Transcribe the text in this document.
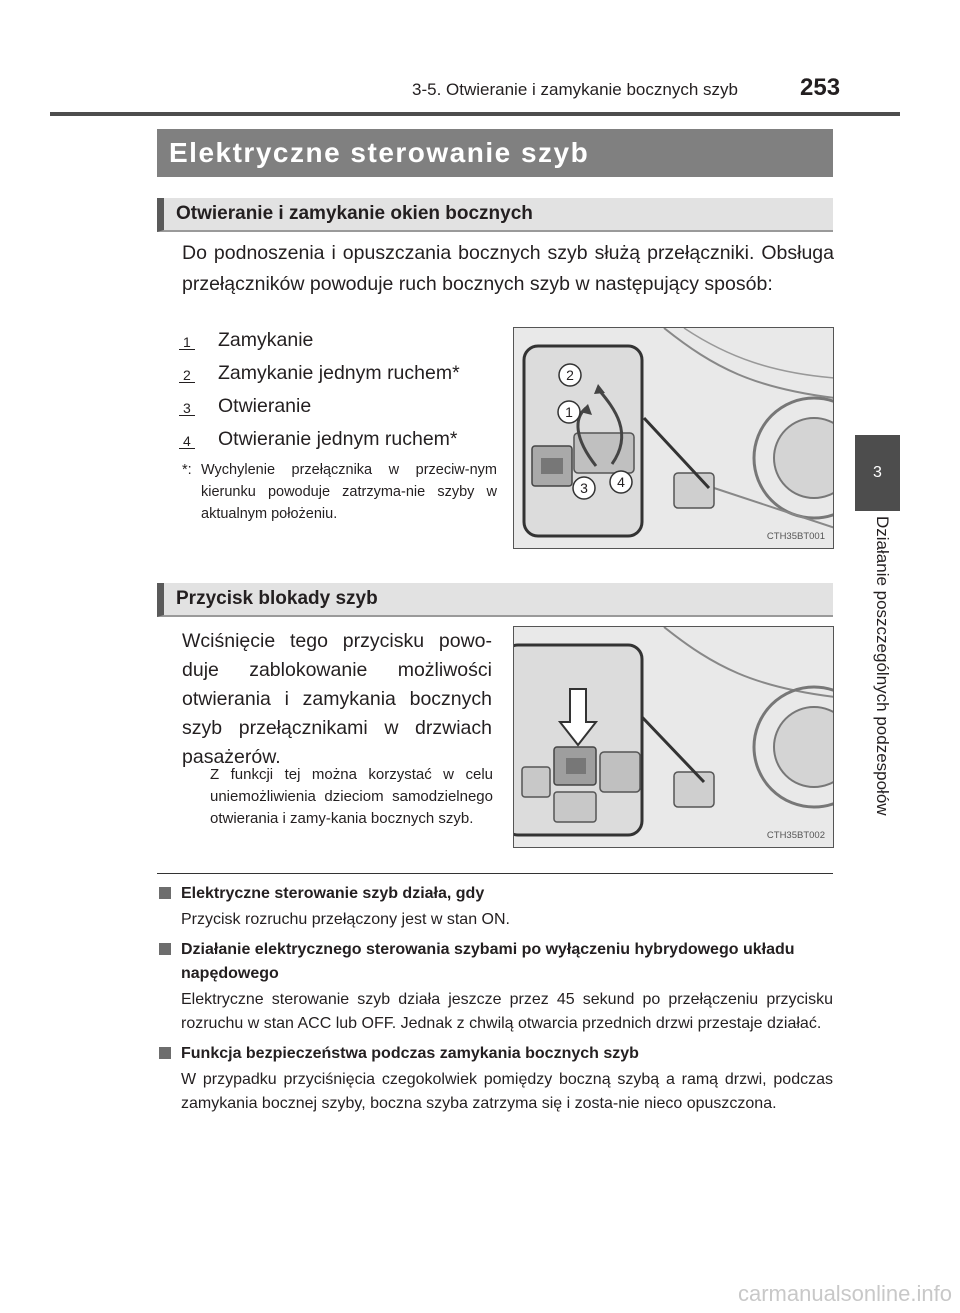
3-5. Otwieranie i zamykanie bocznych szyb	253
3
Działanie poszczególnych podzespołów
Elektryczne sterowanie szyb
Otwieranie i zamykanie okien bocznych
Do podnoszenia i opuszczania bocznych szyb służą przełączniki. Obsługa przełączników powoduje ruch bocznych szyb w następujący sposób:
1 Zamykanie
2 Zamykanie jednym ruchem*
3 Otwieranie
4 Otwieranie jednym ruchem*
*: Wychylenie przełącznika w przeciw-nym kierunku powoduje zatrzyma-nie szyby w aktualnym położeniu.
1
2
3 4
CTH35BT001
Przycisk blokady szyb
Wciśnięcie tego przycisku powo-duje zablokowanie możliwości otwierania i zamykania bocznych szyb przełącznikami w drzwiach pasażerów.
Z funkcji tej można korzystać w celu uniemożliwienia dzieciom samodzielnego otwierania i zamy-kania bocznych szyb.
CTH35BT002
Elektryczne sterowanie szyb działa, gdy
Przycisk rozruchu przełączony jest w stan ON.
Działanie elektrycznego sterowania szybami po wyłączeniu hybrydowego układu napędowego
Elektryczne sterowanie szyb działa jeszcze przez 45 sekund po przełączeniu przycisku rozruchu w stan ACC lub OFF. Jednak z chwilą otwarcia przednich drzwi przestaje działać.
Funkcja bezpieczeństwa podczas zamykania bocznych szyb
W przypadku przyciśnięcia czegokolwiek pomiędzy boczną szybą a ramą drzwi, podczas zamykania bocznej szyby, boczna szyba zatrzyma się i zosta-nie nieco opuszczona.
carmanualsonline.info
